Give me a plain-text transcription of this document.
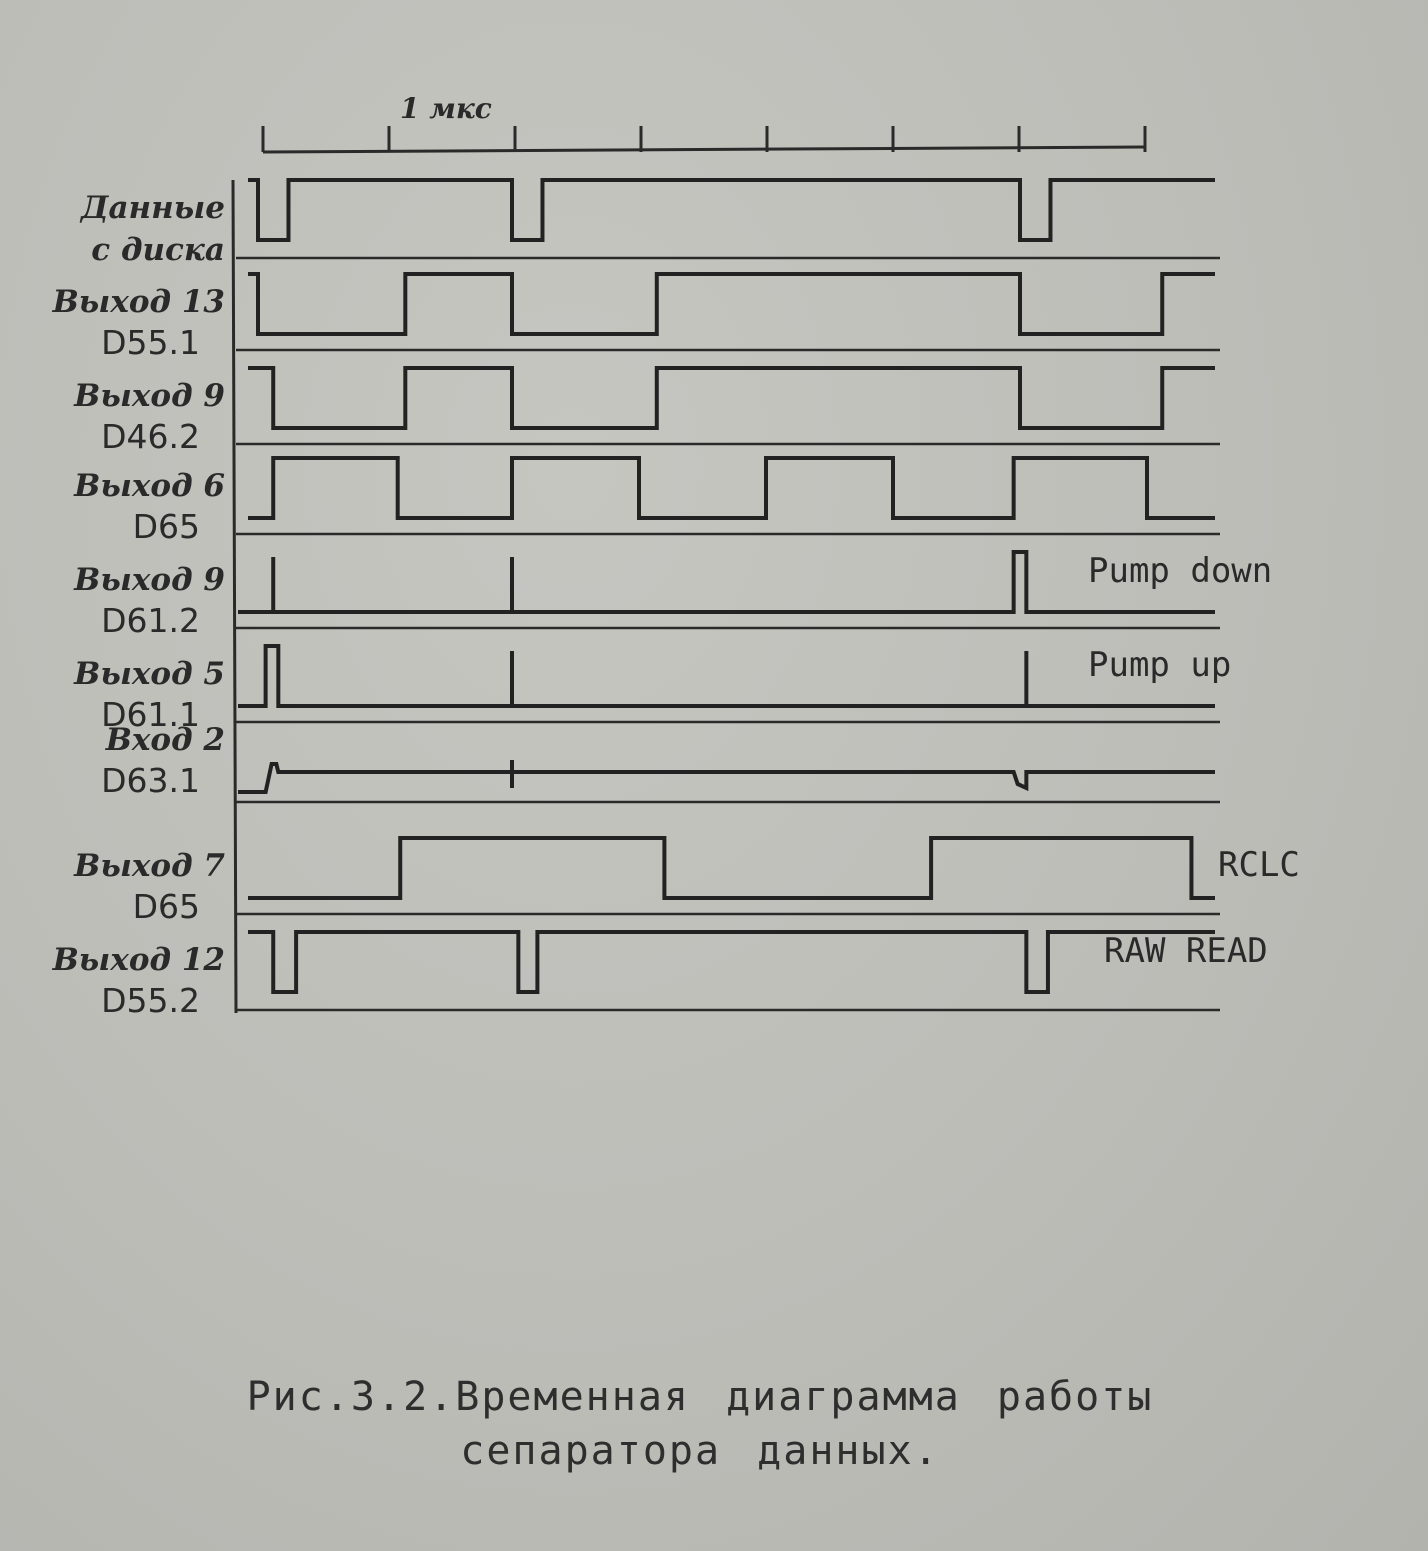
1 мкс
Данные
с диска
Выход 13
D55.1
Выход 9
D46.2
Выход 6
D65
Выход 9
D61.2
Pump down
Выход 5
D61.1
Pump up
Вход 2
D63.1
Выход 7
D65
RCLC
Выход 12
D55.2
RAW READ
Рис.3.2.Временная диаграмма работы
сепаратора данных.
